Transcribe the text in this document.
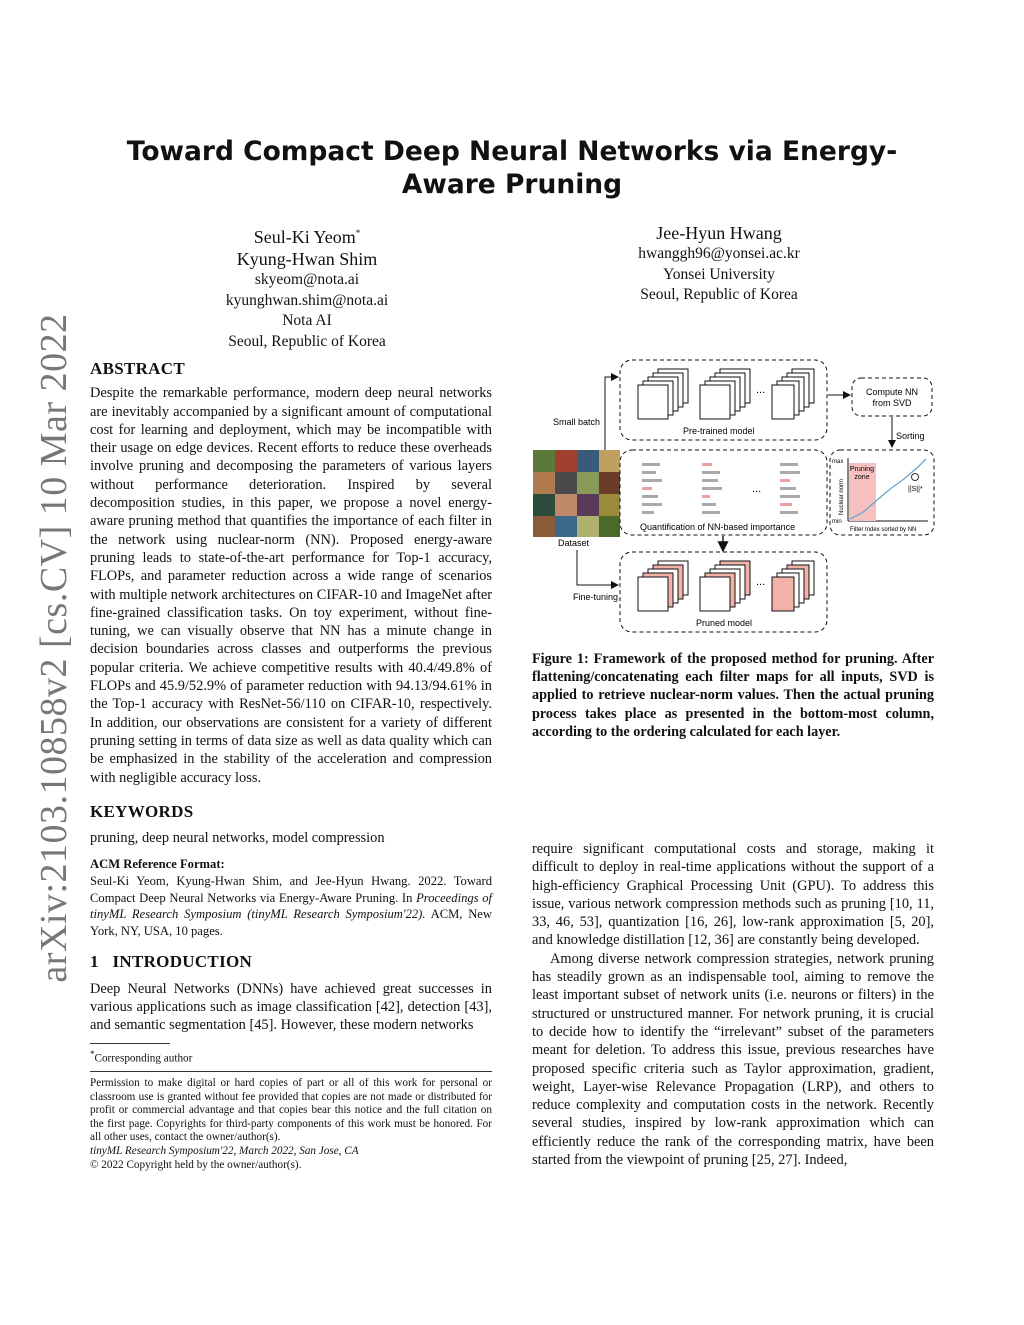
arXiv:2103.10858v2 [cs.CV] 10 Mar 2022
Toward Compact Deep Neural Networks via Energy-Aware Pruning
Seul-Ki Yeom*
Kyung-Hwan Shim
skyeom@nota.ai
kyunghwan.shim@nota.ai
Nota AI
Seoul, Republic of Korea
Jee-Hyun Hwang
hwanggh96@yonsei.ac.kr
Yonsei University
Seoul, Republic of Korea
ABSTRACT

Despite the remarkable performance, modern deep neural networks are inevitably accompanied by a significant amount of computational cost for learning and deployment, which may be incompatible with their usage on edge devices. Recent efforts to reduce these overheads involve pruning and decomposing the parameters of various layers without performance deterioration. Inspired by several decomposition studies, in this paper, we propose a novel energy-aware pruning method that quantifies the importance of each filter in the network using nuclear-norm (NN). Proposed energy-aware pruning leads to state-of-the-art performance for Top-1 accuracy, FLOPs, and parameter reduction across a wide range of scenarios with multiple network architectures on CIFAR-10 and ImageNet after fine-grained classification tasks. On toy experiment, without fine-tuning, we can visually observe that NN has a minute change in decision boundaries across classes and outperforms the previous popular criteria. We achieve competitive results with 40.4/49.8% of FLOPs and 45.9/52.9% of parameter reduction with 94.13/94.61% in the Top-1 accuracy with ResNet-56/110 on CIFAR-10, respectively. In addition, our observations are consistent for a variety of different pruning setting in terms of data size as well as data quality which can be emphasized in the stability of the acceleration and compression with negligible accuracy loss.

KEYWORDS

pruning, deep neural networks, model compression

ACM Reference Format:
Seul-Ki Yeom, Kyung-Hwan Shim, and Jee-Hyun Hwang. 2022. Toward Compact Deep Neural Networks via Energy-Aware Pruning. In Proceedings of tinyML Research Symposium (tinyML Research Symposium'22). ACM, New York, NY, USA, 10 pages.
1 INTRODUCTION

Deep Neural Networks (DNNs) have achieved great successes in various applications such as image classification [42], detection [43], and semantic segmentation [45]. However, these modern networks

*Corresponding author
Permission to make digital or hard copies of part or all of this work for personal or classroom use is granted without fee provided that copies are not made or distributed for profit or commercial advantage and that copies bear this notice and the full citation on the first page. Copyrights for third-party components of this work must be honored. For all other uses, contact the owner/author(s).
tinyML Research Symposium'22, March 2022, San Jose, CA
© 2022 Copyright held by the owner/author(s).
Small batch
Dataset
Fine-tuning
...
Pre-trained model
...
Quantification of NN-based importance
...
Pruned model
Compute NN from SVD
Sorting
Pruning zone
||S||*
max
min
Nuclear norm
Filter Index sorted by NN
Figure 1: Framework of the proposed method for pruning. After flattening/concatenating each filter maps for all inputs, SVD is applied to retrieve nuclear-norm values. Then the actual pruning process takes place as presented in the bottom-most column, according to the ordering calculated for each layer.

require significant computational costs and storage, making it difficult to deploy in real-time applications without the support of a high-efficiency Graphical Processing Unit (GPU). To address this issue, various network compression methods such as pruning [10, 11, 33, 46, 53], quantization [16, 26], low-rank approximation [5, 20], and knowledge distillation [12, 36] are constantly being developed.

Among diverse network compression strategies, network pruning has steadily grown as an indispensable tool, aiming to remove the least important subset of network units (i.e. neurons or filters) in the structured or unstructured manner. For network pruning, it is crucial to decide how to identify the “irrelevant” subset of the parameters meant for deletion. To address this issue, previous researches have proposed specific criteria such as Taylor approximation, gradient, weight, Layer-wise Relevance Propagation (LRP), and others to reduce complexity and computation costs in the network. Recently several studies, inspired by low-rank approximation which can efficiently reduce the rank of the corresponding matrix, have been started from the viewpoint of pruning [25, 27]. Indeed,
